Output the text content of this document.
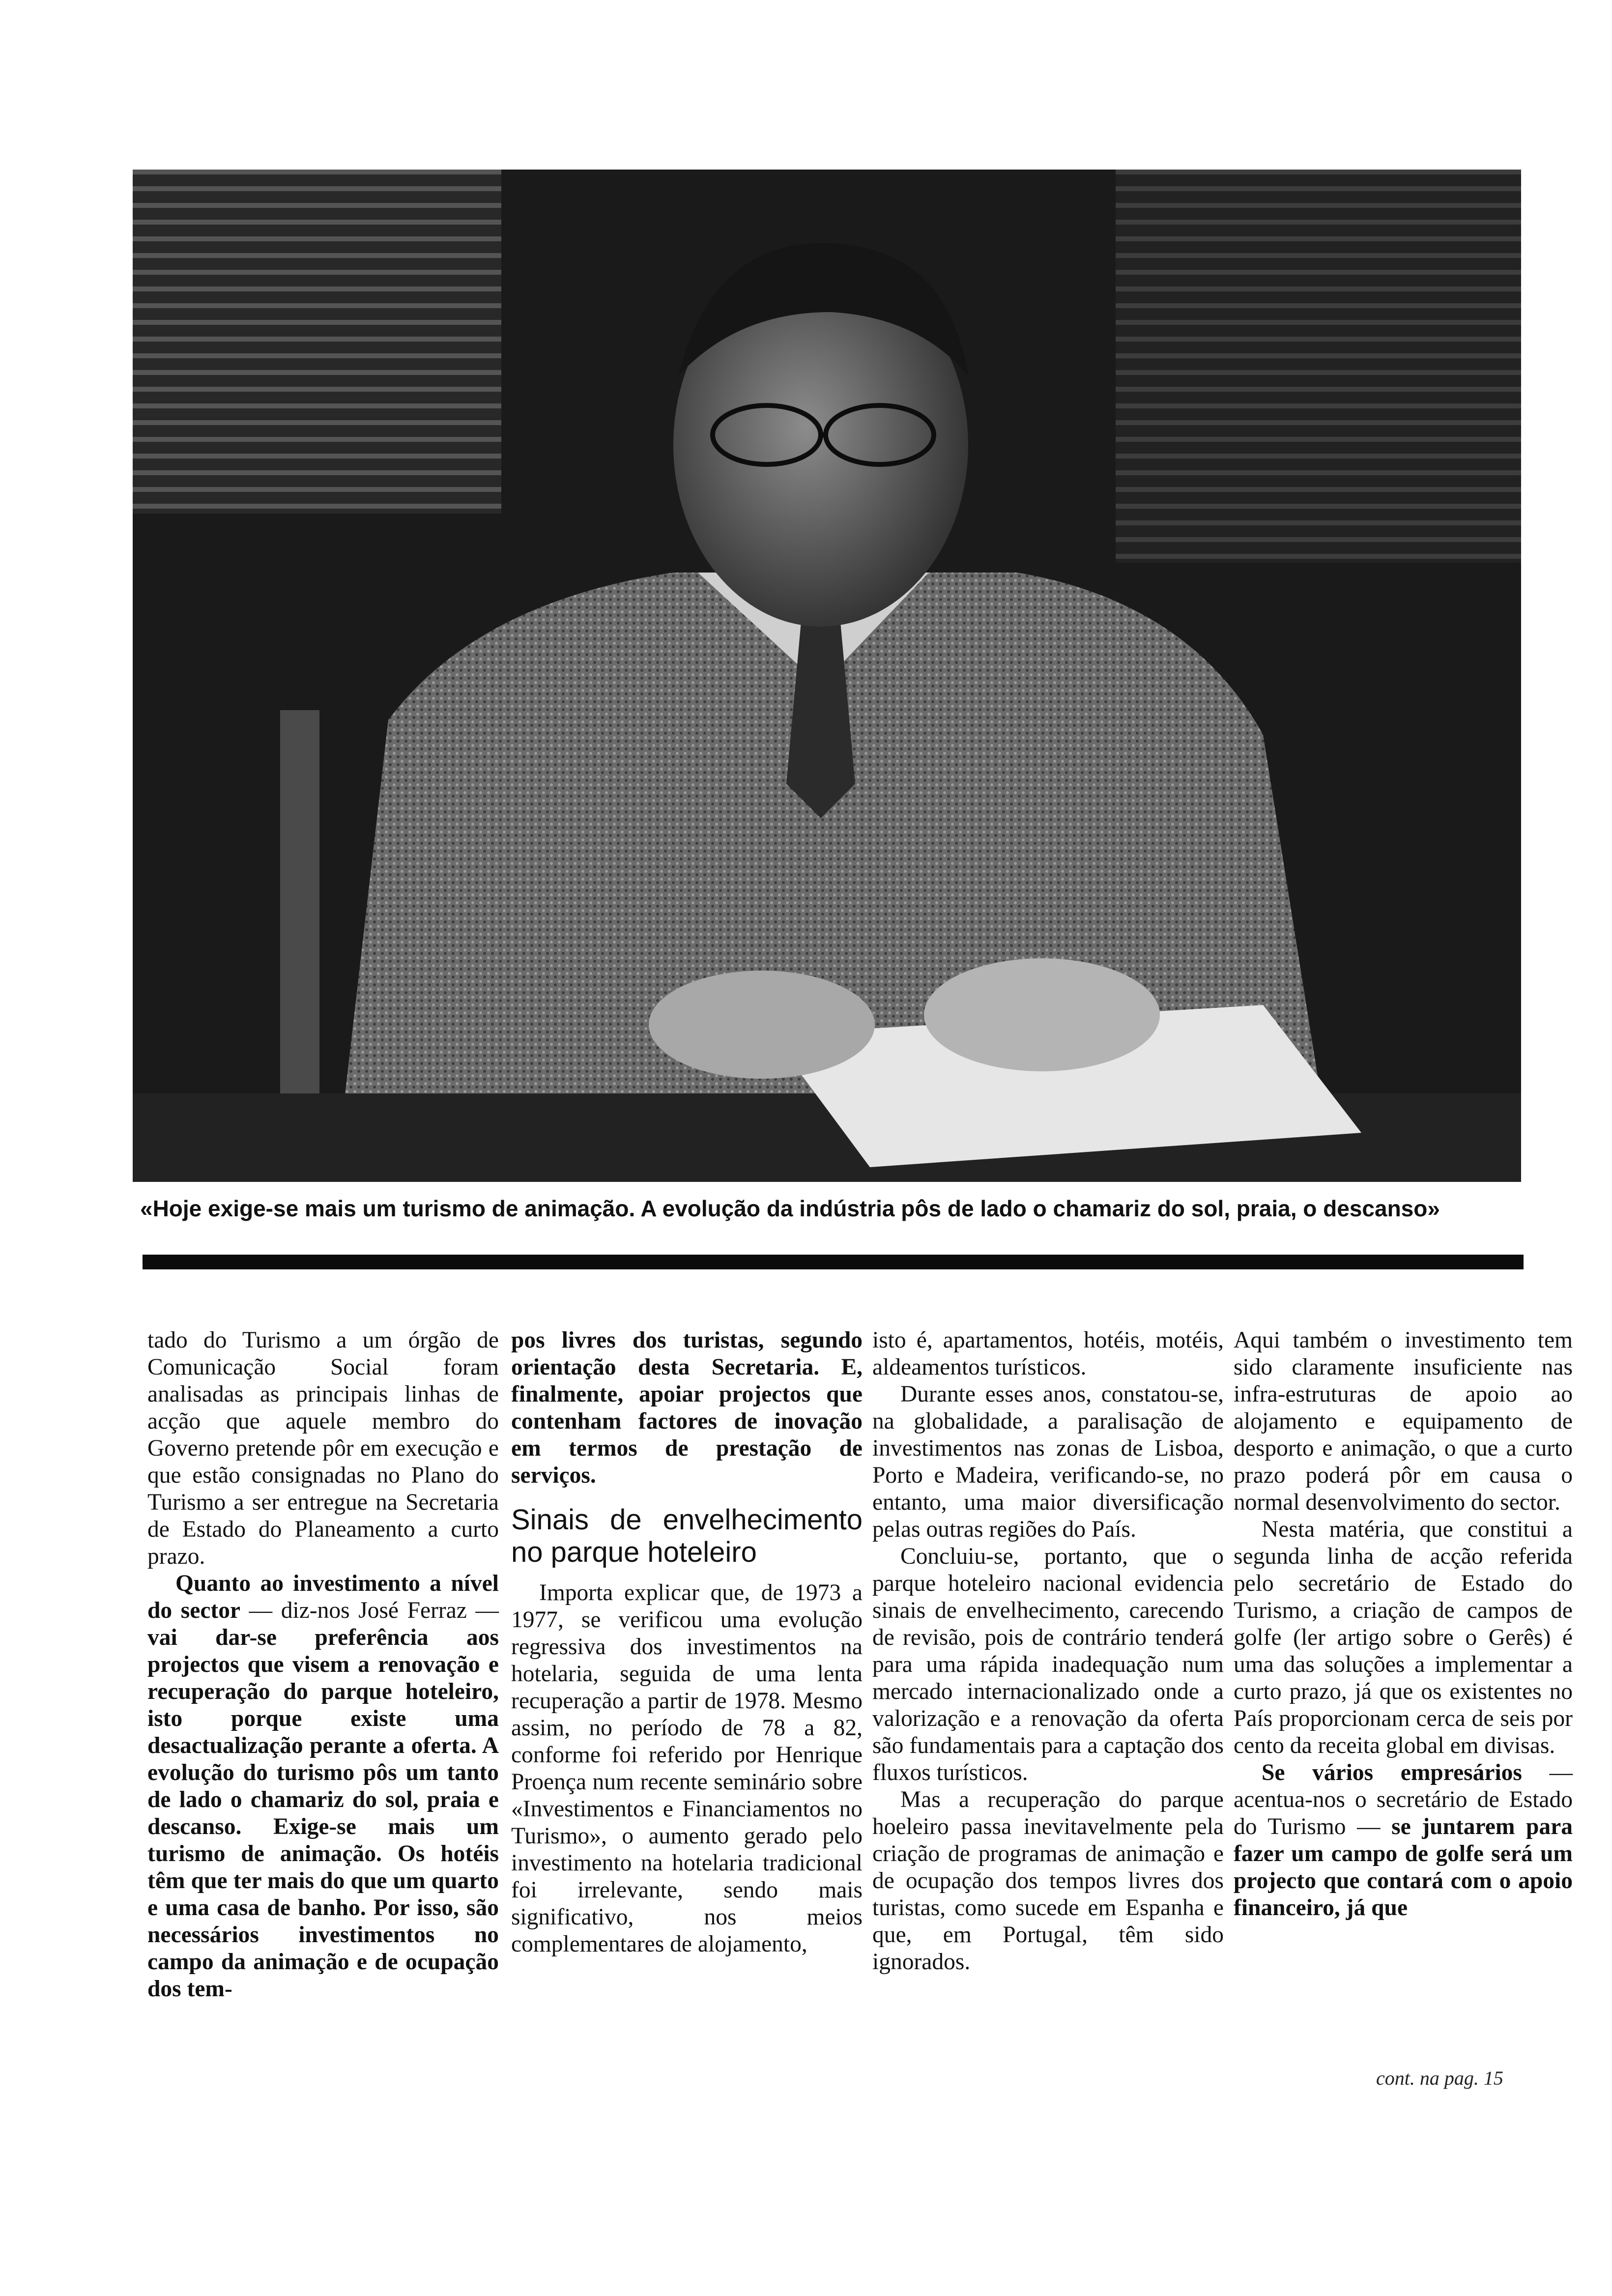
«Hoje exige-se mais um turismo de animação. A evolução da indústria pôs de lado o chamariz do sol, praia, o descanso»

tado do Turismo a um órgão de Comunicação Social foram analisadas as principais linhas de acção que aquele membro do Governo pretende pôr em execução e que estão consignadas no Plano do Turismo a ser entregue na Secretaria de Estado do Planeamento a curto prazo.

Quanto ao investimento a nível do sector — diz-nos José Ferraz — vai dar-se preferência aos projectos que visem a renovação e recuperação do parque hoteleiro, isto porque existe uma desactualização perante a oferta. A evolução do turismo pôs um tanto de lado o chamariz do sol, praia e descanso. Exige-se mais um turismo de animação. Os hotéis têm que ter mais do que um quarto e uma casa de banho. Por isso, são necessários investimentos no campo da animação e de ocupação dos tem-

pos livres dos turistas, segundo orientação desta Secretaria. E, finalmente, apoiar projectos que contenham factores de inovação em termos de prestação de serviços.

Sinais de envelhecimento no parque hoteleiro

Importa explicar que, de 1973 a 1977, se verificou uma evolução regressiva dos investimentos na hotelaria, seguida de uma lenta recuperação a partir de 1978. Mesmo assim, no período de 78 a 82, conforme foi referido por Henrique Proença num recente seminário sobre «Investimentos e Financiamentos no Turismo», o aumento gerado pelo investimento na hotelaria tradicional foi irrelevante, sendo mais significativo, nos meios complementares de alojamento,

isto é, apartamentos, hotéis, motéis, aldeamentos turísticos.

Durante esses anos, constatou-se, na globalidade, a paralisação de investimentos nas zonas de Lisboa, Porto e Madeira, verificando-se, no entanto, uma maior diversificação pelas outras regiões do País.

Concluiu-se, portanto, que o parque hoteleiro nacional evidencia sinais de envelhecimento, carecendo de revisão, pois de contrário tenderá para uma rápida inadequação num mercado internacionalizado onde a valorização e a renovação da oferta são fundamentais para a captação dos fluxos turísticos.

Mas a recuperação do parque hoeleiro passa inevitavelmente pela criação de programas de animação e de ocupação dos tempos livres dos turistas, como sucede em Espanha e que, em Portugal, têm sido ignorados.

Aqui também o investimento tem sido claramente insuficiente nas infra-estruturas de apoio ao alojamento e equipamento de desporto e animação, o que a curto prazo poderá pôr em causa o normal desenvolvimento do sector.

Nesta matéria, que constitui a segunda linha de acção referida pelo secretário de Estado do Turismo, a criação de campos de golfe (ler artigo sobre o Gerês) é uma das soluções a implementar a curto prazo, já que os existentes no País proporcionam cerca de seis por cento da receita global em divisas.

Se vários empresários — acentua-nos o secretário de Estado do Turismo — se juntarem para fazer um campo de golfe será um projecto que contará com o apoio financeiro, já que

cont. na pag. 15
